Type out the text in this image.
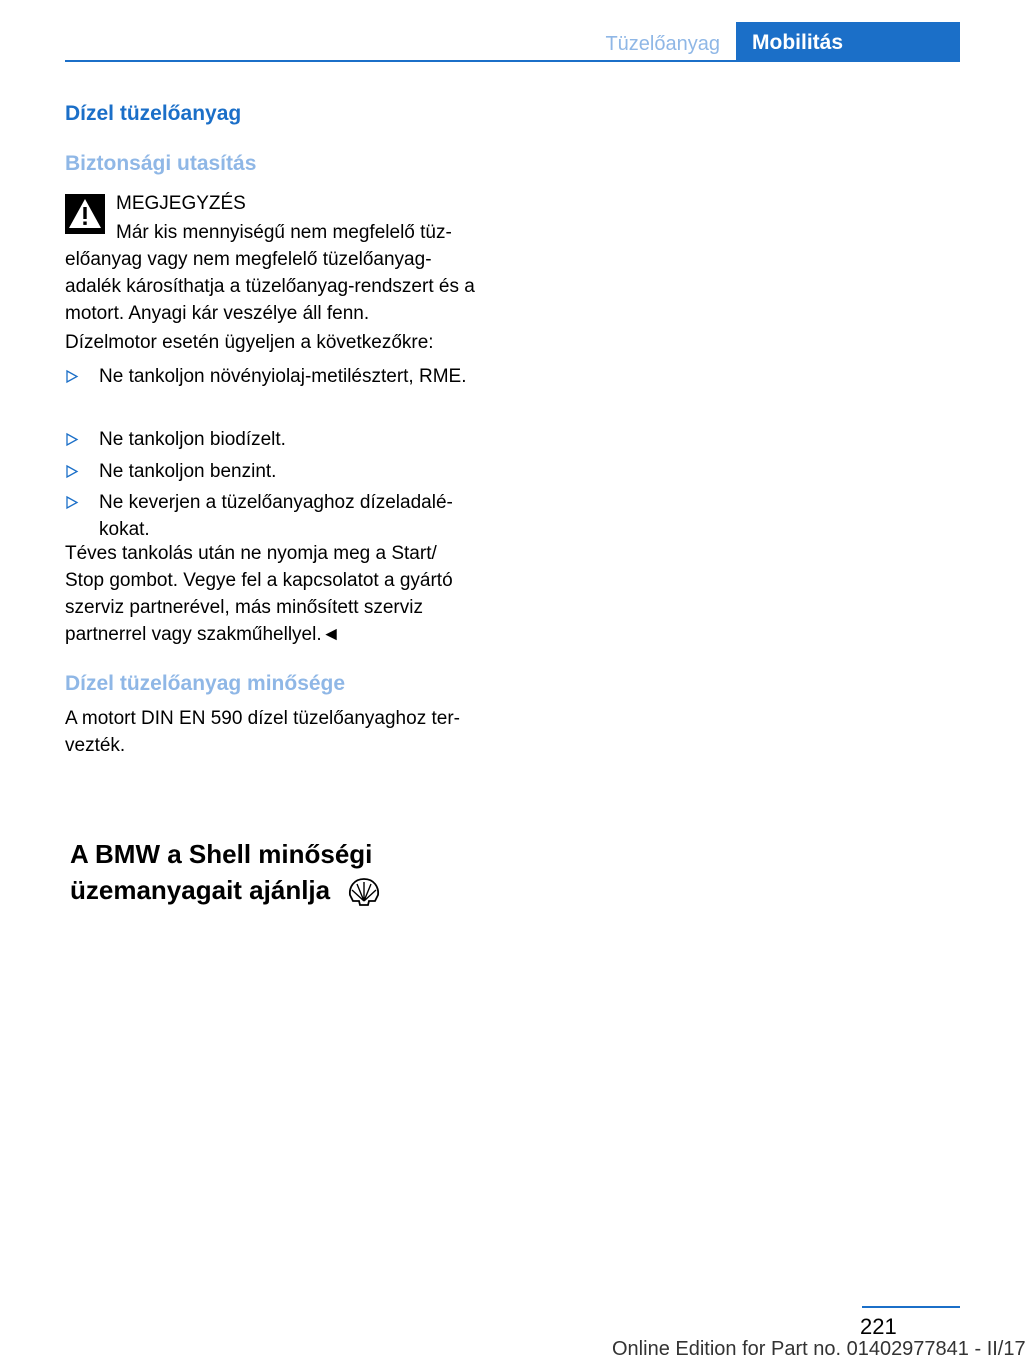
Tüzelőanyag	Mobilitás
Dízel tüzelőanyag
Biztonsági utasítás
MEGJEGYZÉS
Már kis mennyiségű nem megfelelő tüzelőanyag vagy nem megfelelő tüzelőanyagadalék károsíthatja a tüzelőanyag-rendszert és a motort. Anyagi kár veszélye áll fenn.
Dízelmotor esetén ügyeljen a következőkre:
Ne tankoljon növényiolaj-metilésztert, RME.
Ne tankoljon biodízelt.
Ne tankoljon benzint.
Ne keverjen a tüzelőanyaghoz dízeladalékokat.
Téves tankolás után ne nyomja meg a Start/ Stop gombot. Vegye fel a kapcsolatot a gyártó szerviz partnerével, más minősített szerviz partnerrel vagy szakműhellyel.◄
Dízel tüzelőanyag minősége
A motort DIN EN 590 dízel tüzelőanyaghoz tervezték.
A BMW a Shell minőségi
üzemanyagait ajánlja
221
Online Edition for Part no. 01402977841 - II/17
